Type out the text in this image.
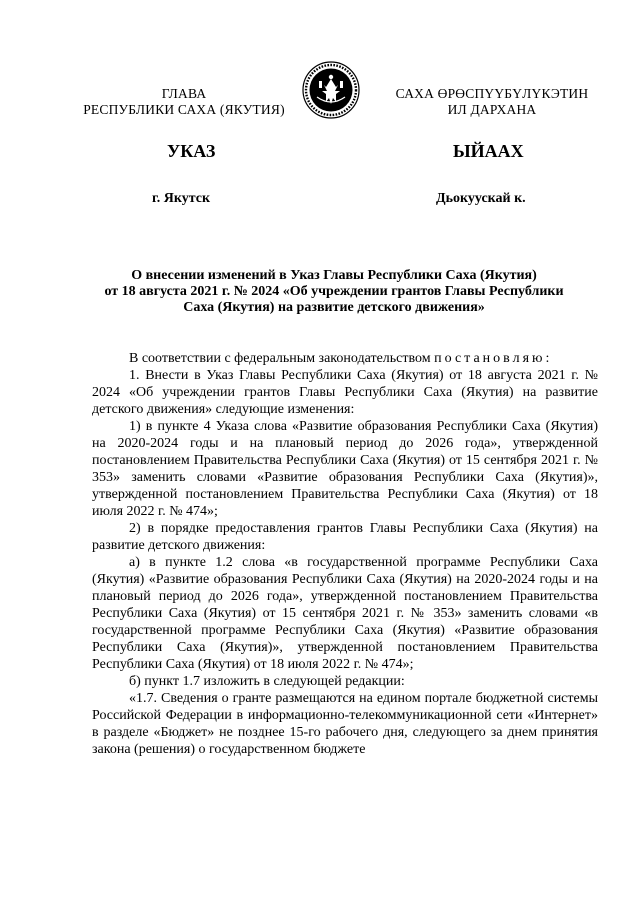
ГЛАВА
РЕСПУБЛИКИ САХА (ЯКУТИЯ)
САХА ӨРӨСПҮҮБҮЛҮКЭТИН
ИЛ ДАРХАНА
УКАЗ	ЫЙААХ
г. Якутск	Дьокуускай к.
О внесении изменений в Указ Главы Республики Саха (Якутия)
от 18 августа 2021 г. № 2024 «Об учреждении грантов Главы Республики
Саха (Якутия) на развитие детского движения»

В соответствии с федеральным законодательством постановляю:

1. Внести в Указ Главы Республики Саха (Якутия) от 18 августа 2021 г. № 2024 «Об учреждении грантов Главы Республики Саха (Якутия) на развитие детского движения» следующие изменения:

1) в пункте 4 Указа слова «Развитие образования Республики Саха (Якутия) на 2020-2024 годы и на плановый период до 2026 года», утвержденной постановлением Правительства Республики Саха (Якутия) от 15 сентября 2021 г. № 353» заменить словами «Развитие образования Республики Саха (Якутия)», утвержденной постановлением Правительства Республики Саха (Якутия) от 18 июля 2022 г. № 474»;

2) в порядке предоставления грантов Главы Республики Саха (Якутия) на развитие детского движения:

а) в пункте 1.2 слова «в государственной программе Республики Саха (Якутия) «Развитие образования Республики Саха (Якутия) на 2020-2024 годы и на плановый период до 2026 года», утвержденной постановлением Правительства Республики Саха (Якутия) от 15 сентября 2021 г. № 353» заменить словами «в государственной программе Республики Саха (Якутия) «Развитие образования Республики Саха (Якутия)», утвержденной постановлением Правительства Республики Саха (Якутия) от 18 июля 2022 г. № 474»;

б) пункт 1.7 изложить в следующей редакции:

«1.7. Сведения о гранте размещаются на едином портале бюджетной системы Российской Федерации в информационно-телекоммуникационной сети «Интернет» в разделе «Бюджет» не позднее 15-го рабочего дня, следующего за днем принятия закона (решения) о государственном бюджете
